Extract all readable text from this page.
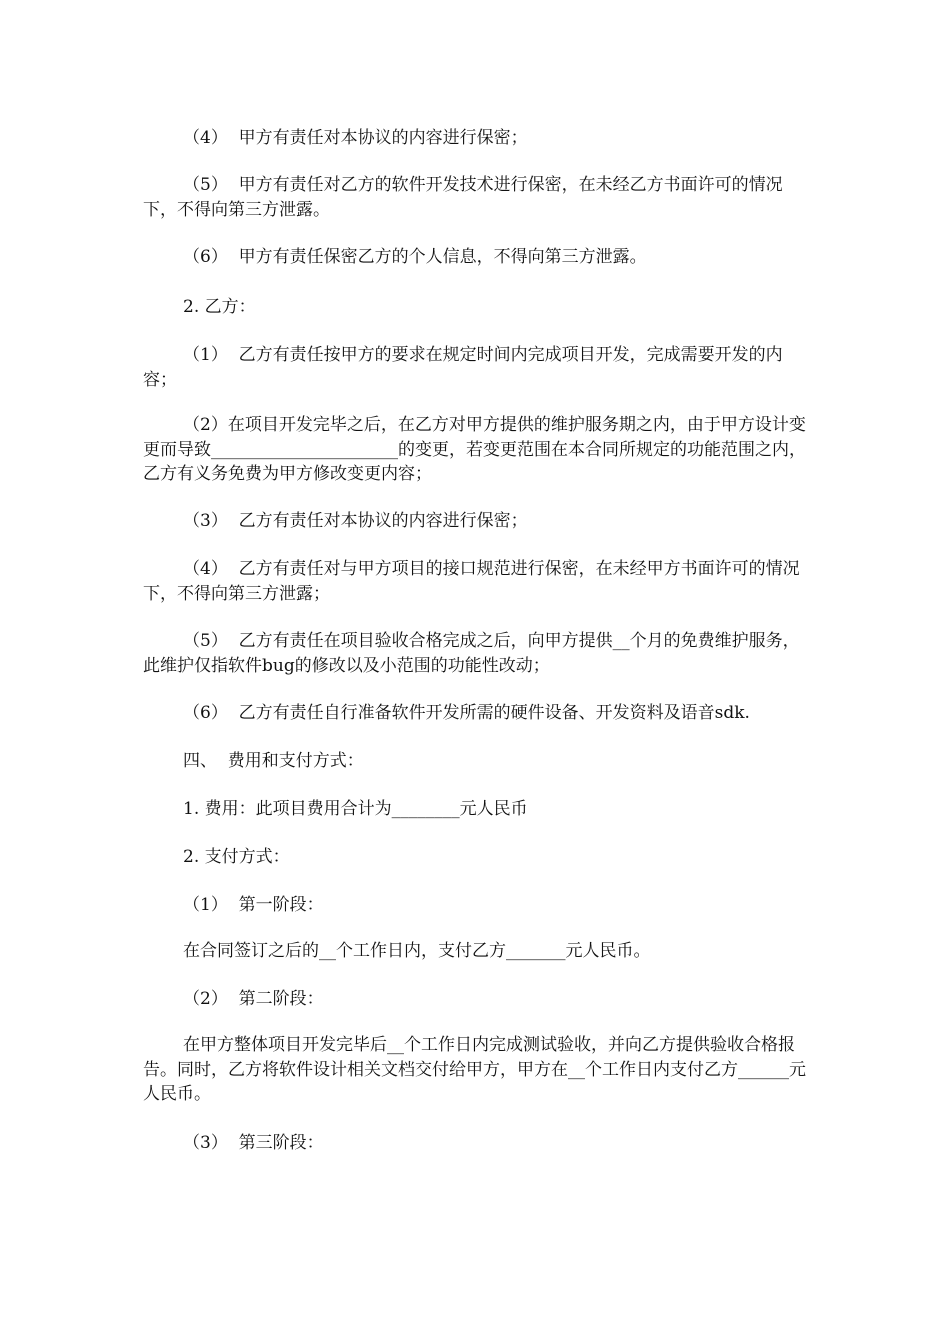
（4）  甲方有责任对本协议的内容进行保密；

（5）  甲方有责任对乙方的软件开发技术进行保密，在未经乙方书面许可的情况下，不得向第三方泄露。

（6）  甲方有责任保密乙方的个人信息，不得向第三方泄露。

2. 乙方：

（1）  乙方有责任按甲方的要求在规定时间内完成项目开发，完成需要开发的内容；

（2）在项目开发完毕之后，在乙方对甲方提供的维护服务期之内，由于甲方设计变更而导致______________________的变更，若变更范围在本合同所规定的功能范围之内，乙方有义务免费为甲方修改变更内容；

（3）  乙方有责任对本协议的内容进行保密；

（4）  乙方有责任对与甲方项目的接口规范进行保密，在未经甲方书面许可的情况下，不得向第三方泄露；

（5）  乙方有责任在项目验收合格完成之后，向甲方提供__个月的免费维护服务，此维护仅指软件bug的修改以及小范围的功能性改动；

（6）  乙方有责任自行准备软件开发所需的硬件设备、开发资料及语音sdk.

四、  费用和支付方式：

1. 费用：此项目费用合计为________元人民币

2. 支付方式：

（1）  第一阶段：

在合同签订之后的__个工作日内，支付乙方_______元人民币。

（2）  第二阶段：

在甲方整体项目开发完毕后__个工作日内完成测试验收，并向乙方提供验收合格报告。同时，乙方将软件设计相关文档交付给甲方，甲方在__个工作日内支付乙方______元人民币。

（3）  第三阶段：
